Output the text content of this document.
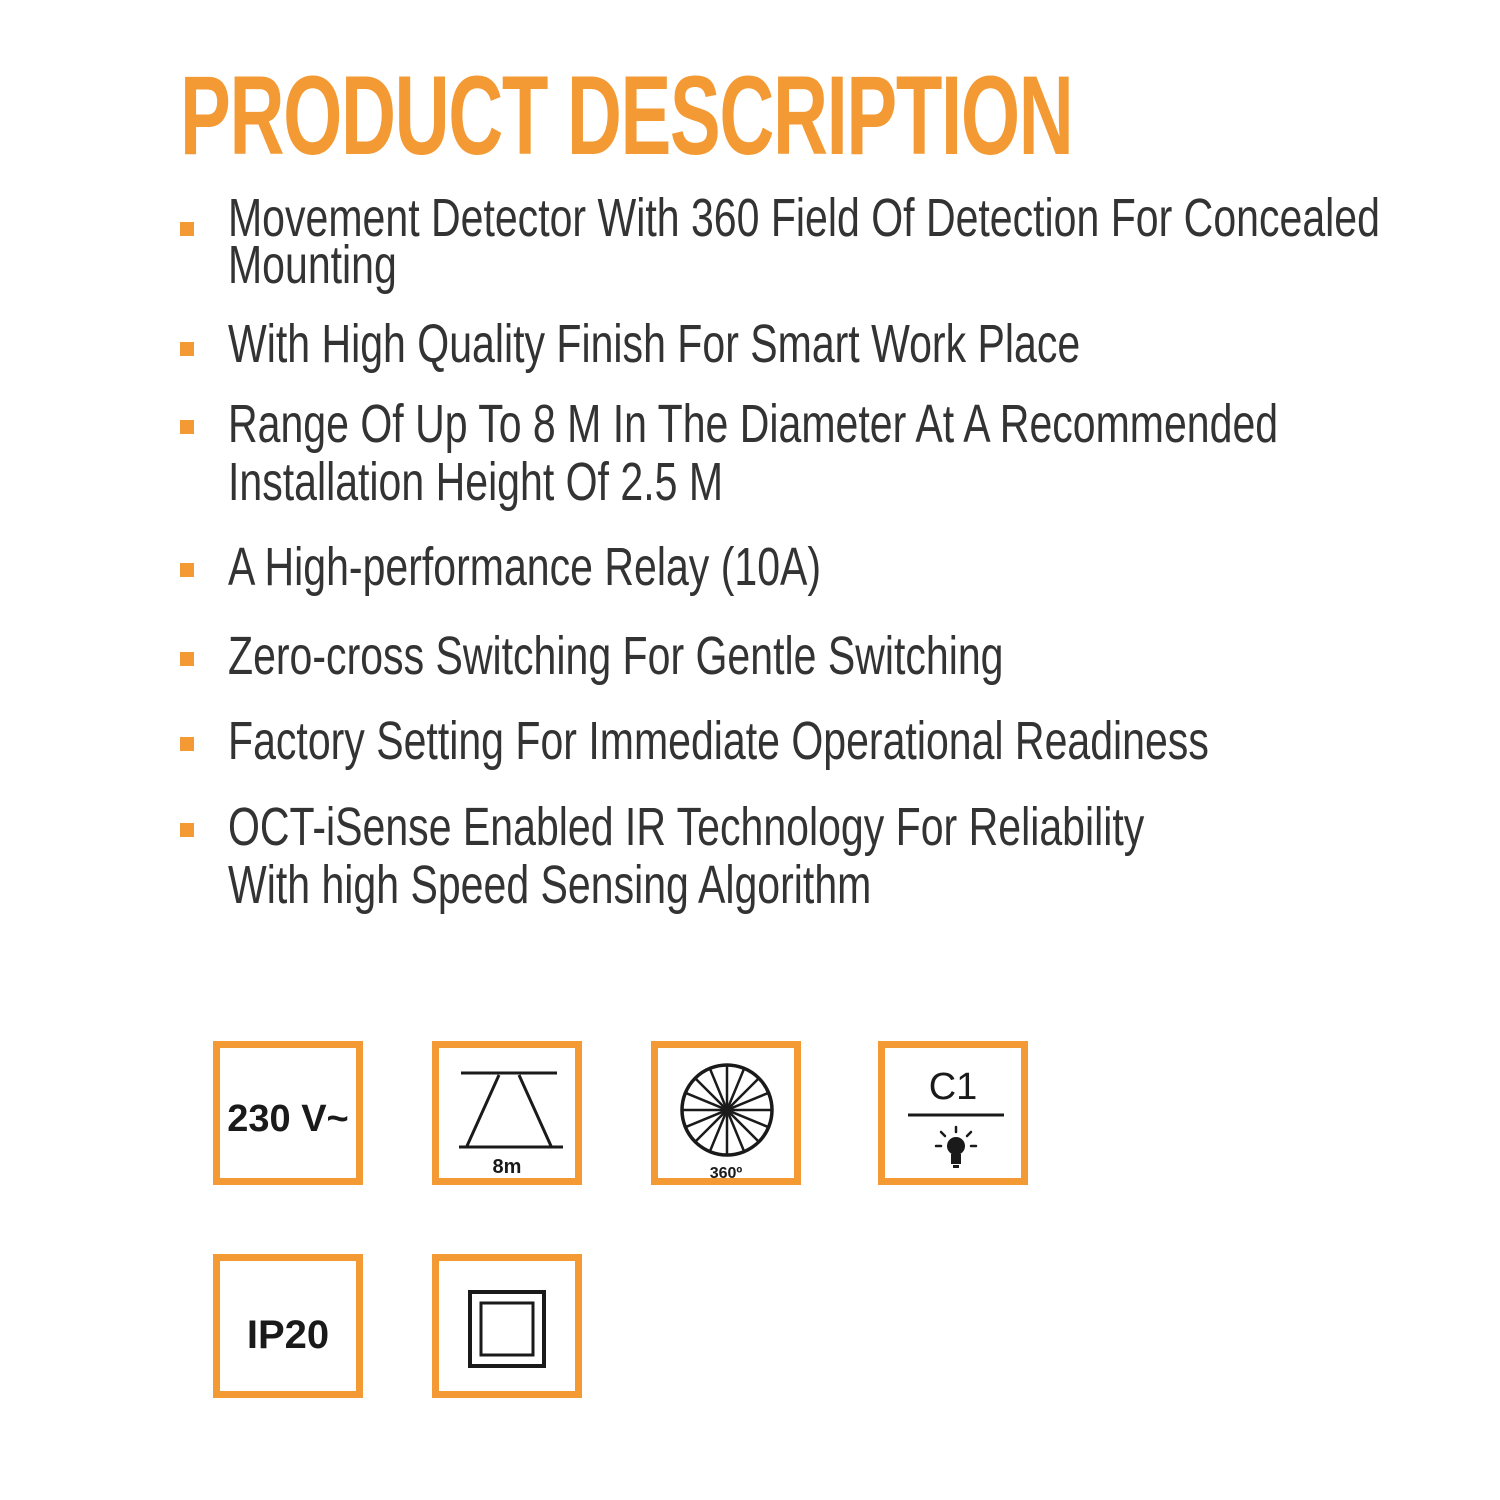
PRODUCT DESCRIPTION
Movement Detector With 360 Field Of Detection For Concealed
Mounting
With High Quality Finish For Smart Work Place
Range Of Up To 8 M In The Diameter At A Recommended
Installation Height Of 2.5 M
A High-performance Relay (10A)
Zero-cross Switching For Gentle Switching
Factory Setting For Immediate Operational Readiness
OCT-iSense Enabled IR Technology For Reliability
With high Speed Sensing Algorithm
230 V~
8m	360º
C1
IP20
